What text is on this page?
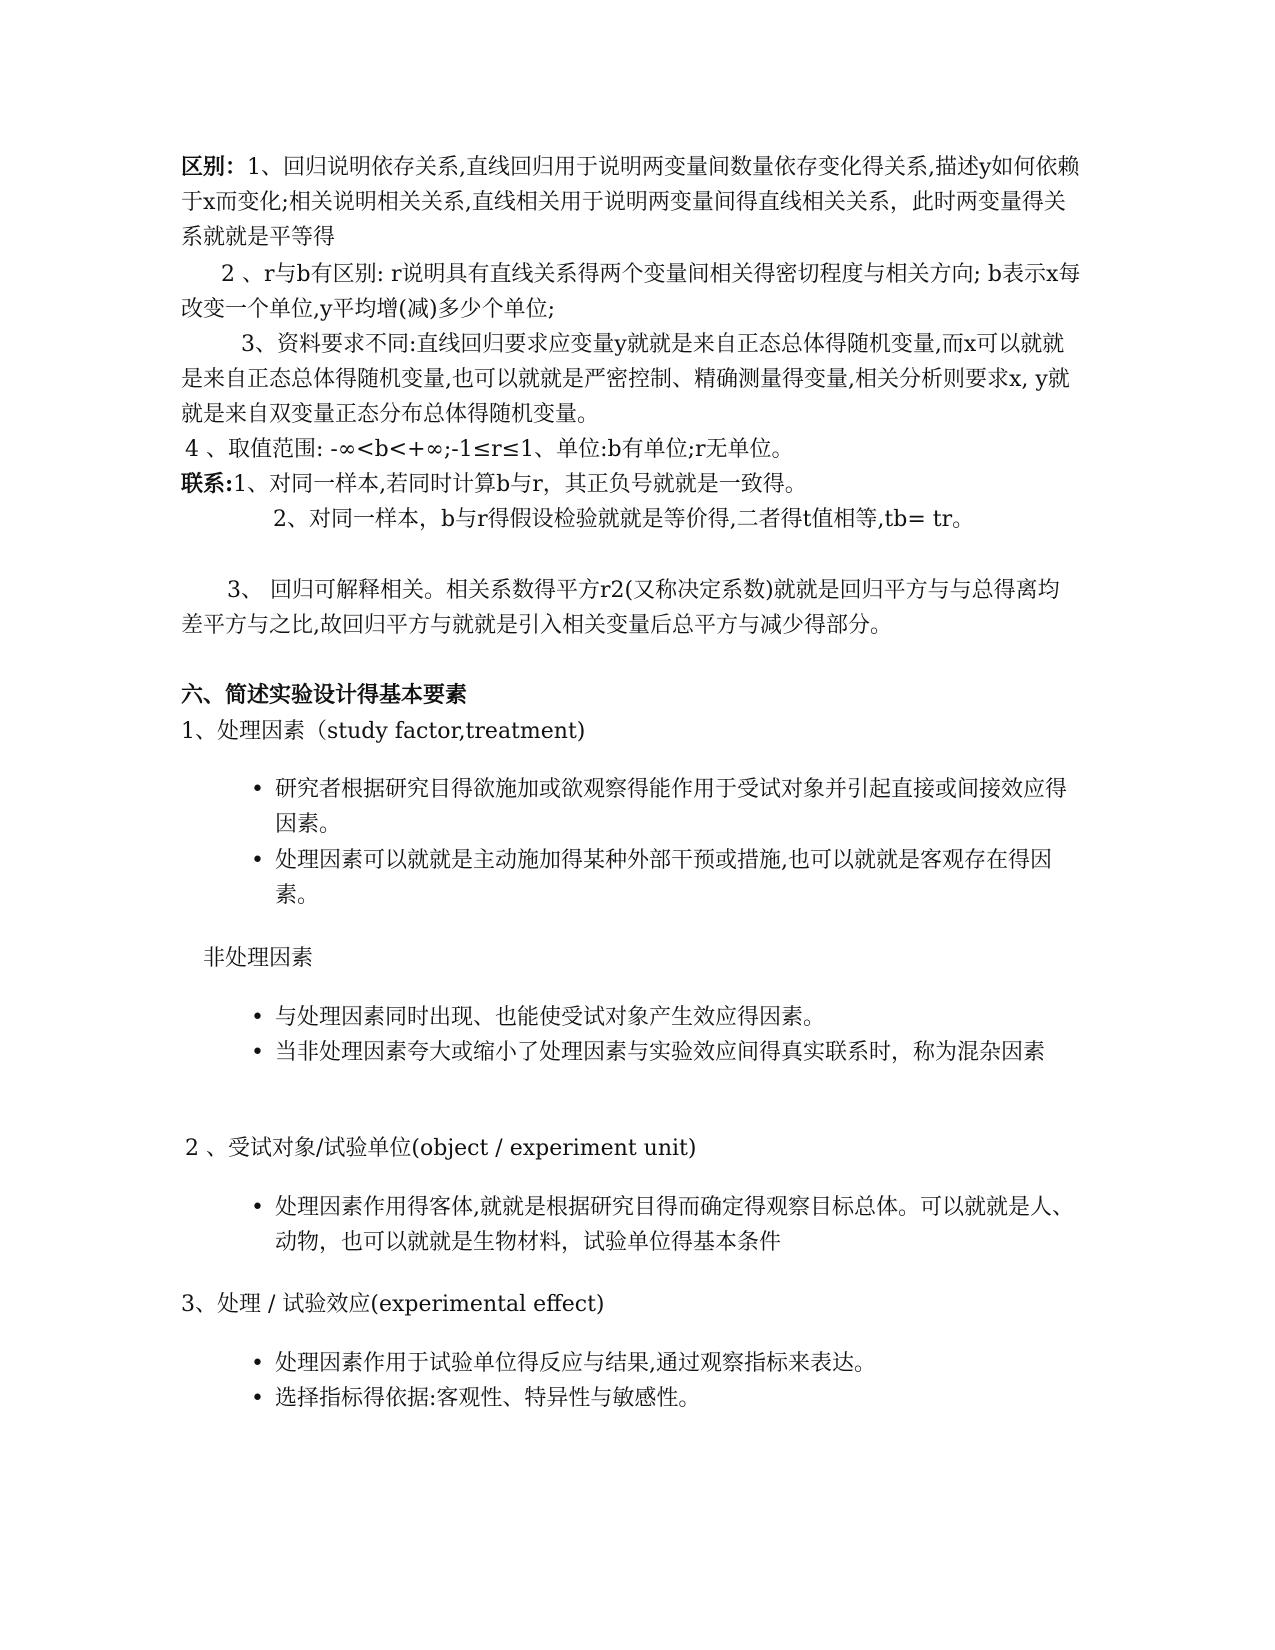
区别：1、回归说明依存关系,直线回归用于说明两变量间数量依存变化得关系,描述y如何依赖于x而变化;相关说明相关关系,直线相关用于说明两变量间得直线相关关系，此时两变量得关系就就是平等得

2 、r与b有区别: r说明具有直线关系得两个变量间相关得密切程度与相关方向; b表示x每改变一个单位,y平均增(减)多少个单位;

3、资料要求不同:直线回归要求应变量y就就是来自正态总体得随机变量,而x可以就就是来自正态总体得随机变量,也可以就就是严密控制、精确测量得变量,相关分析则要求x, y就就是来自双变量正态分布总体得随机变量。

4 、取值范围: -∞<b<+∞;-1≤r≤1、单位:b有单位;r无单位。

联系:1、对同一样本,若同时计算b与r，其正负号就就是一致得。

2、对同一样本，b与r得假设检验就就是等价得,二者得t值相等,tb= tr。

3、 回归可解释相关。相关系数得平方r2(又称决定系数)就就是回归平方与与总得离均差平方与之比,故回归平方与就就是引入相关变量后总平方与减少得部分。

六、简述实验设计得基本要素

1、处理因素（study factor,treatment)

• 研究者根据研究目得欲施加或欲观察得能作用于受试对象并引起直接或间接效应得因素。
• 处理因素可以就就是主动施加得某种外部干预或措施,也可以就就是客观存在得因素。

非处理因素

• 与处理因素同时出现、也能使受试对象产生效应得因素。
• 当非处理因素夸大或缩小了处理因素与实验效应间得真实联系时，称为混杂因素

2 、受试对象/试验单位(object / experiment unit)

• 处理因素作用得客体,就就是根据研究目得而确定得观察目标总体。可以就就是人、动物，也可以就就是生物材料，试验单位得基本条件

3、处理 / 试验效应(experimental effect)

• 处理因素作用于试验单位得反应与结果,通过观察指标来表达。
• 选择指标得依据:客观性、特异性与敏感性。
